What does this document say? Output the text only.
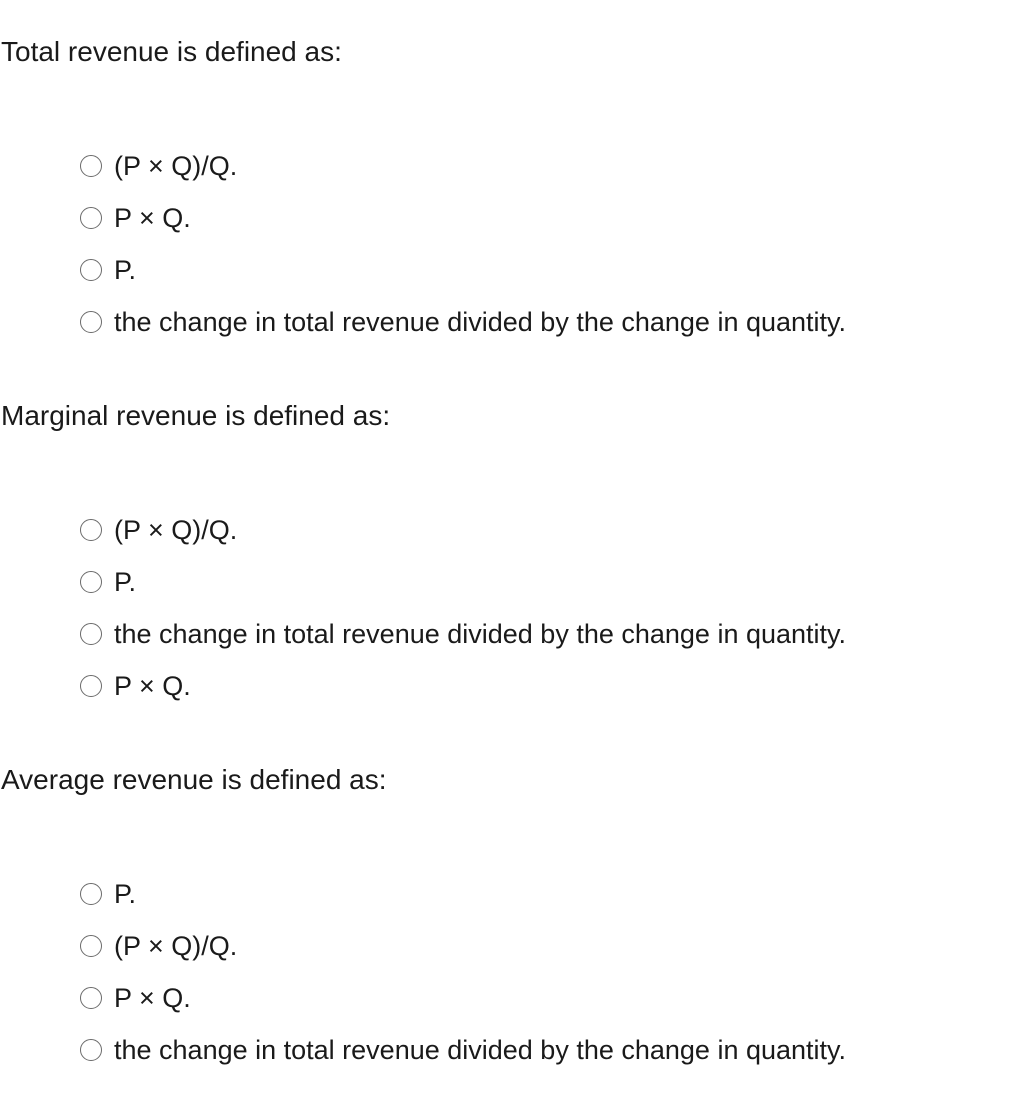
Total revenue is defined as:

(P × Q)/Q.
P × Q.
P.
the change in total revenue divided by the change in quantity.

Marginal revenue is defined as:

(P × Q)/Q.
P.
the change in total revenue divided by the change in quantity.
P × Q.

Average revenue is defined as:

P.
(P × Q)/Q.
P × Q.
the change in total revenue divided by the change in quantity.
